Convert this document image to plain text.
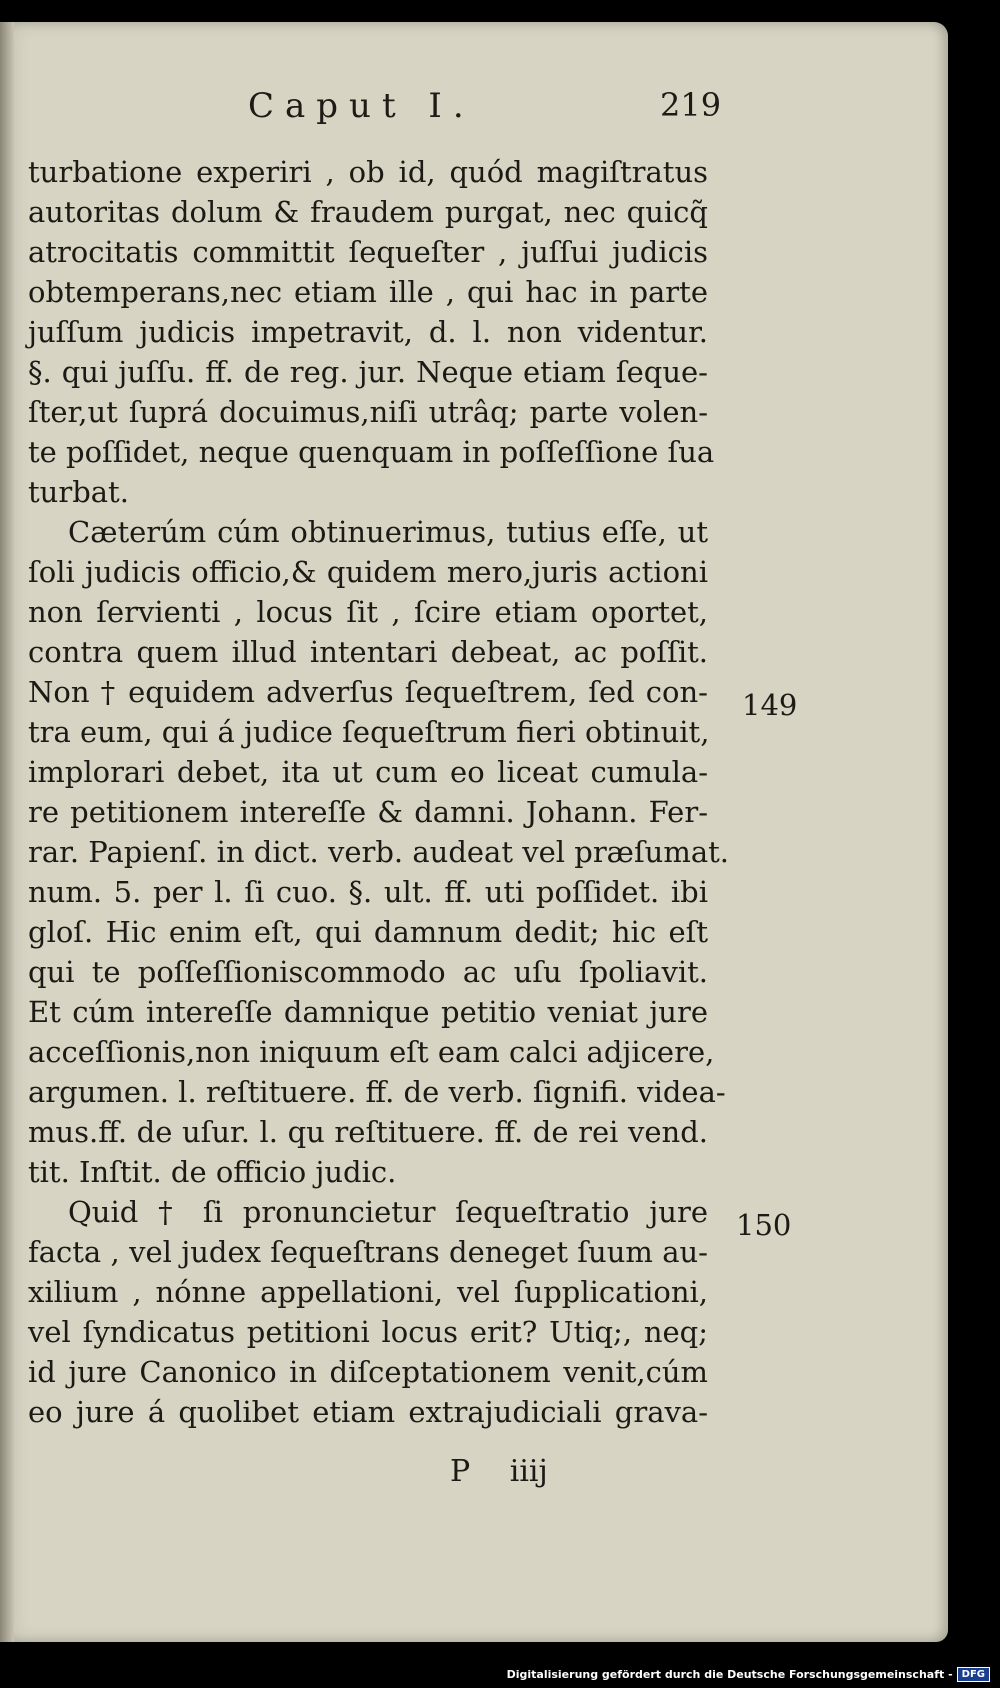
Caput I.	219
turbatione experiri , ob id, quód magiſtratus
autoritas dolum & fraudem purgat, nec quicq̃
atrocitatis committit ſequeſter , juſſui judicis
obtemperans,nec etiam ille , qui hac in parte
juſſum judicis impetravit, d. l. non videntur.
§. qui juſſu. ff. de reg. jur. Neque etiam ſeque-
ſter,ut ſuprá docuimus,niſi utrâq; parte volen-
te poſſidet, neque quenquam in poſſeſſione ſua
turbat.
Cæterúm cúm obtinuerimus, tutius eſſe, ut
ſoli judicis officio,& quidem mero,juris actioni
non ſervienti , locus ſit , ſcire etiam oportet,
contra quem illud intentari debeat, ac poſſit.
Non † equidem adverſus ſequeſtrem, ſed con-
tra eum, qui á judice ſequeſtrum fieri obtinuit,
implorari debet, ita ut cum eo liceat cumula-
re petitionem intereſſe & damni. Johann. Fer-
rar. Papienſ. in dict. verb. audeat vel præſumat.
num. 5. per l. ſi cuo. §. ult. ff. uti poſſidet. ibi
gloſ. Hic enim eſt, qui damnum dedit; hic eſt
qui te poſſeſſioniscommodo ac uſu ſpoliavit.
Et cúm intereſſe damnique petitio veniat jure
acceſſionis,non iniquum eſt eam calci adjicere,
argumen. l. reſtituere. ff. de verb. ſignifi. videa-
mus.ff. de uſur. l. qu reſtituere. ff. de rei vend.
tit. Inſtit. de officio judic.
Quid † ſi pronuncietur ſequeſtratio jure
facta , vel judex ſequeſtrans deneget ſuum au-
xilium , nónne appellationi, vel ſupplicationi,
vel ſyndicatus petitioni locus erit? Utiq;, neq;
id jure Canonico in diſceptationem venit,cúm
eo jure á quolibet etiam extrajudiciali grava-
149
150
P iiij
Digitalisierung gefördert durch die Deutsche Forschungsgemeinschaft - DFG
